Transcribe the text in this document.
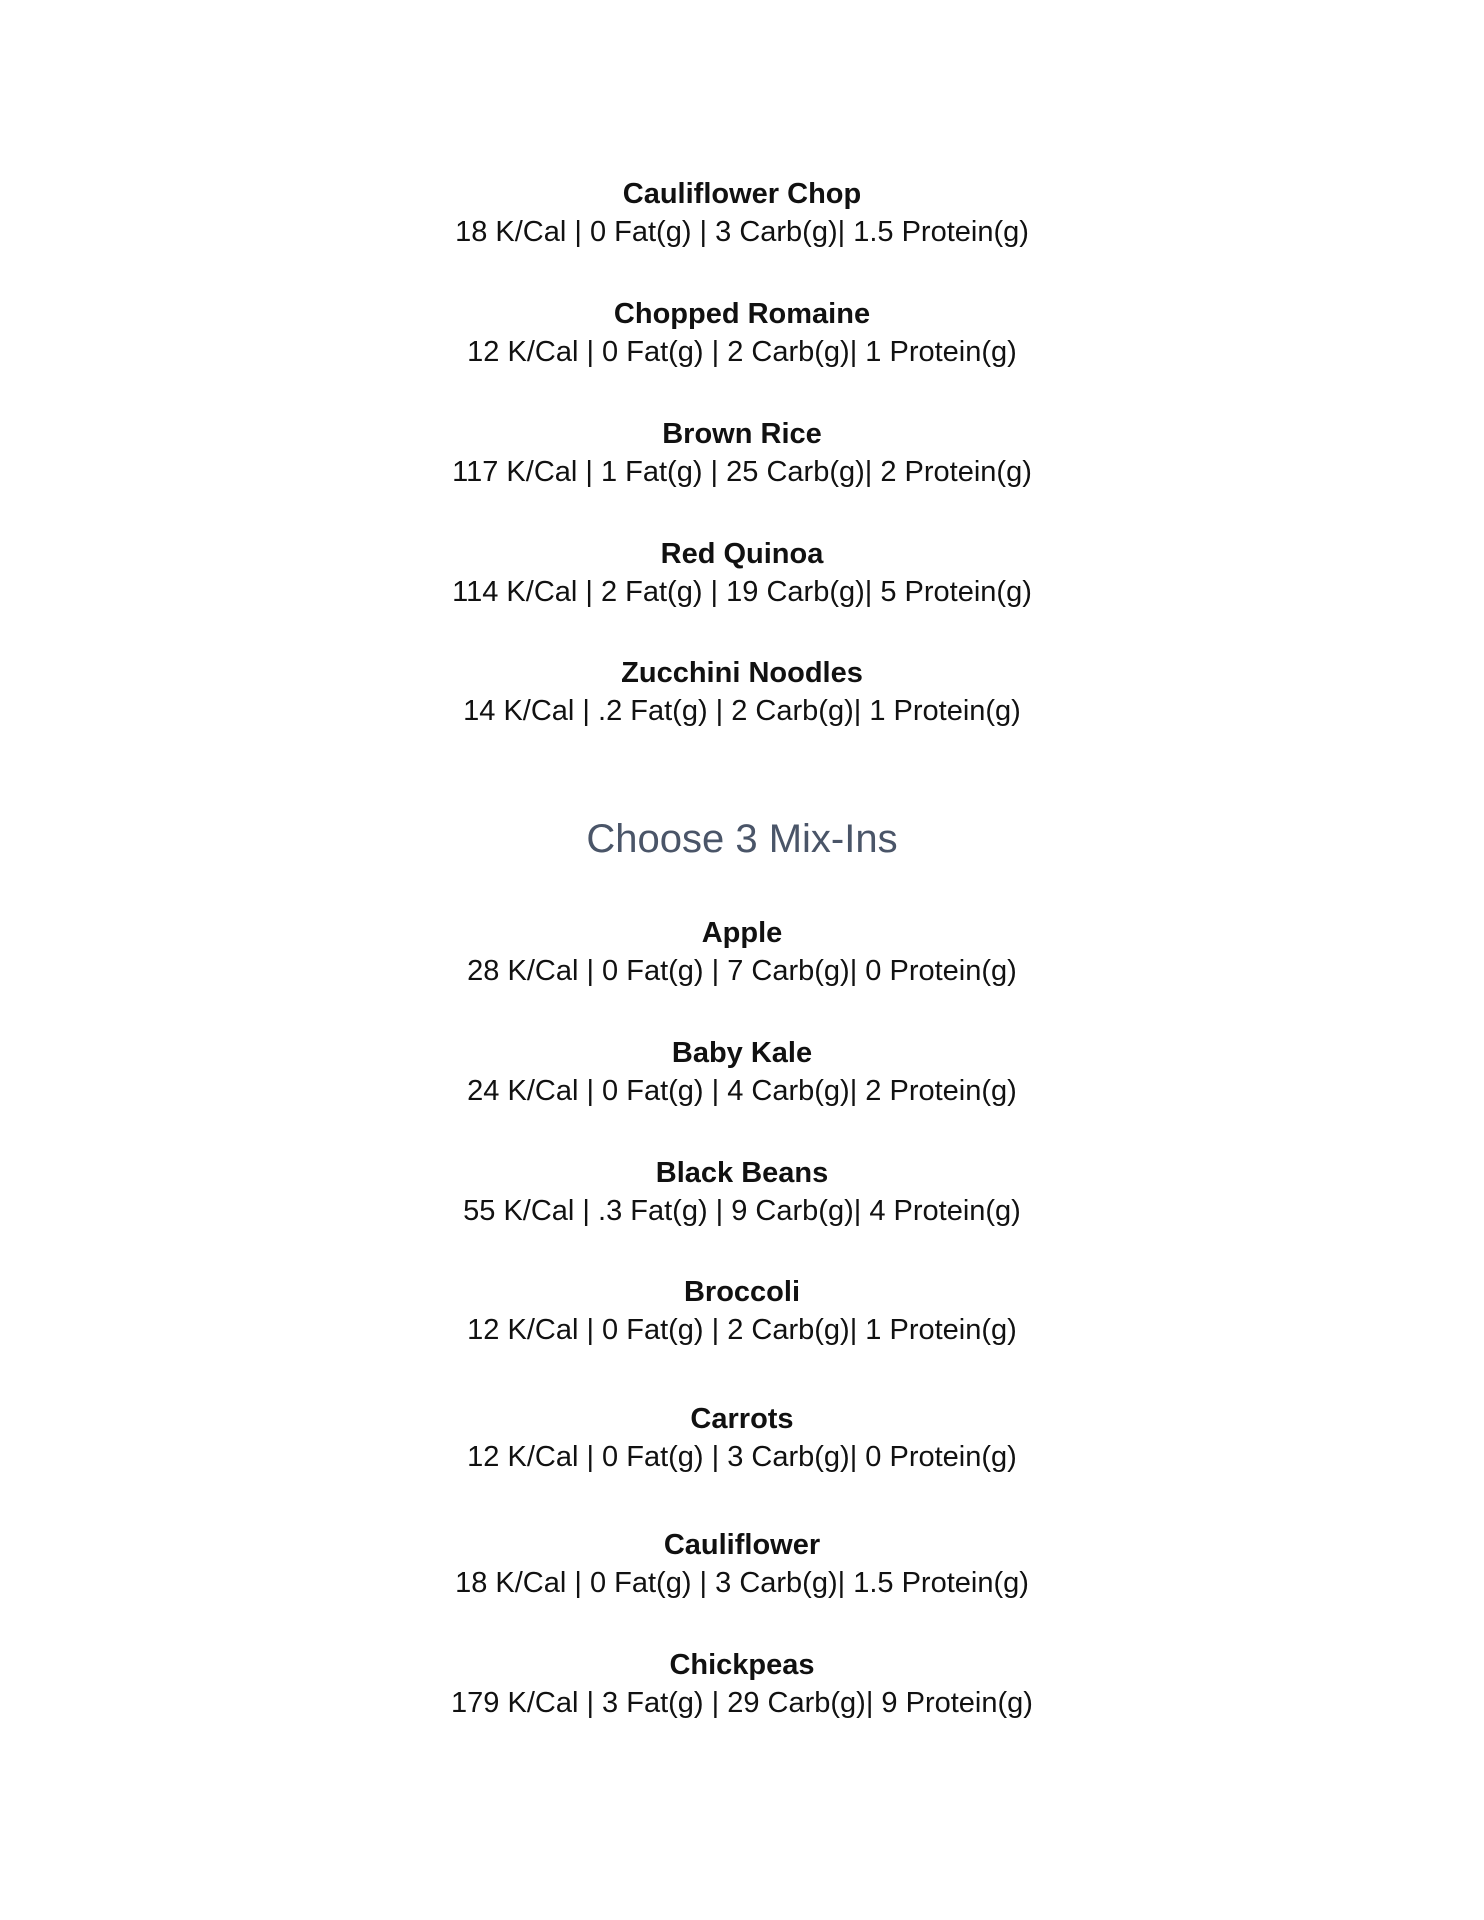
Cauliflower Chop
18 K/Cal | 0 Fat(g) | 3 Carb(g)| 1.5 Protein(g)
Chopped Romaine
12 K/Cal | 0 Fat(g) | 2 Carb(g)| 1 Protein(g)
Brown Rice
117 K/Cal | 1 Fat(g) | 25 Carb(g)| 2 Protein(g)
Red Quinoa
114 K/Cal | 2 Fat(g) | 19 Carb(g)| 5 Protein(g)
Zucchini Noodles
14 K/Cal | .2 Fat(g) | 2 Carb(g)| 1 Protein(g)
Choose 3 Mix-Ins
Apple
28 K/Cal | 0 Fat(g) | 7 Carb(g)| 0 Protein(g)
Baby Kale
24 K/Cal | 0 Fat(g) | 4 Carb(g)| 2 Protein(g)
Black Beans
55 K/Cal | .3 Fat(g) | 9 Carb(g)| 4 Protein(g)
Broccoli
12 K/Cal | 0 Fat(g) | 2 Carb(g)| 1 Protein(g)
Carrots
12 K/Cal | 0 Fat(g) | 3 Carb(g)| 0 Protein(g)
Cauliflower
18 K/Cal | 0 Fat(g) | 3 Carb(g)| 1.5 Protein(g)
Chickpeas
179 K/Cal | 3 Fat(g) | 29 Carb(g)| 9 Protein(g)
